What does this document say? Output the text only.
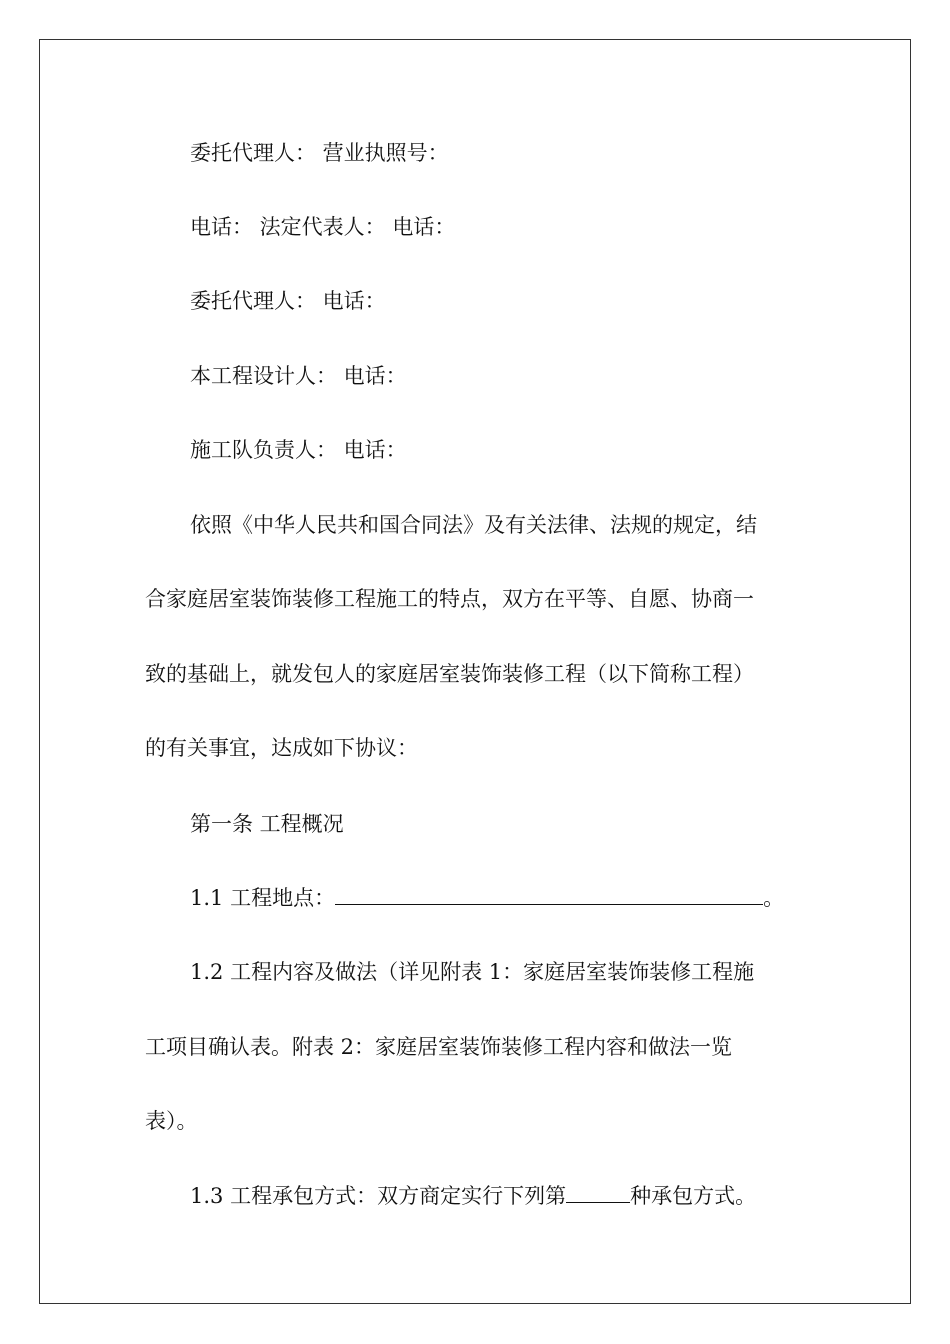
委托代理人： 营业执照号：
电话： 法定代表人： 电话：
委托代理人： 电话：
本工程设计人： 电话：
施工队负责人： 电话：
依照《中华人民共和国合同法》及有关法律、法规的规定，结
合家庭居室装饰装修工程施工的特点，双方在平等、自愿、协商一
致的基础上，就发包人的家庭居室装饰装修工程（以下简称工程）
的有关事宜，达成如下协议：
第一条 工程概况
1.1 工程地点：	。
1.2 工程内容及做法（详见附表 1：家庭居室装饰装修工程施
工项目确认表。附表 2：家庭居室装饰装修工程内容和做法一览
表）。
1.3 工程承包方式：双方商定实行下列第	种承包方式。
